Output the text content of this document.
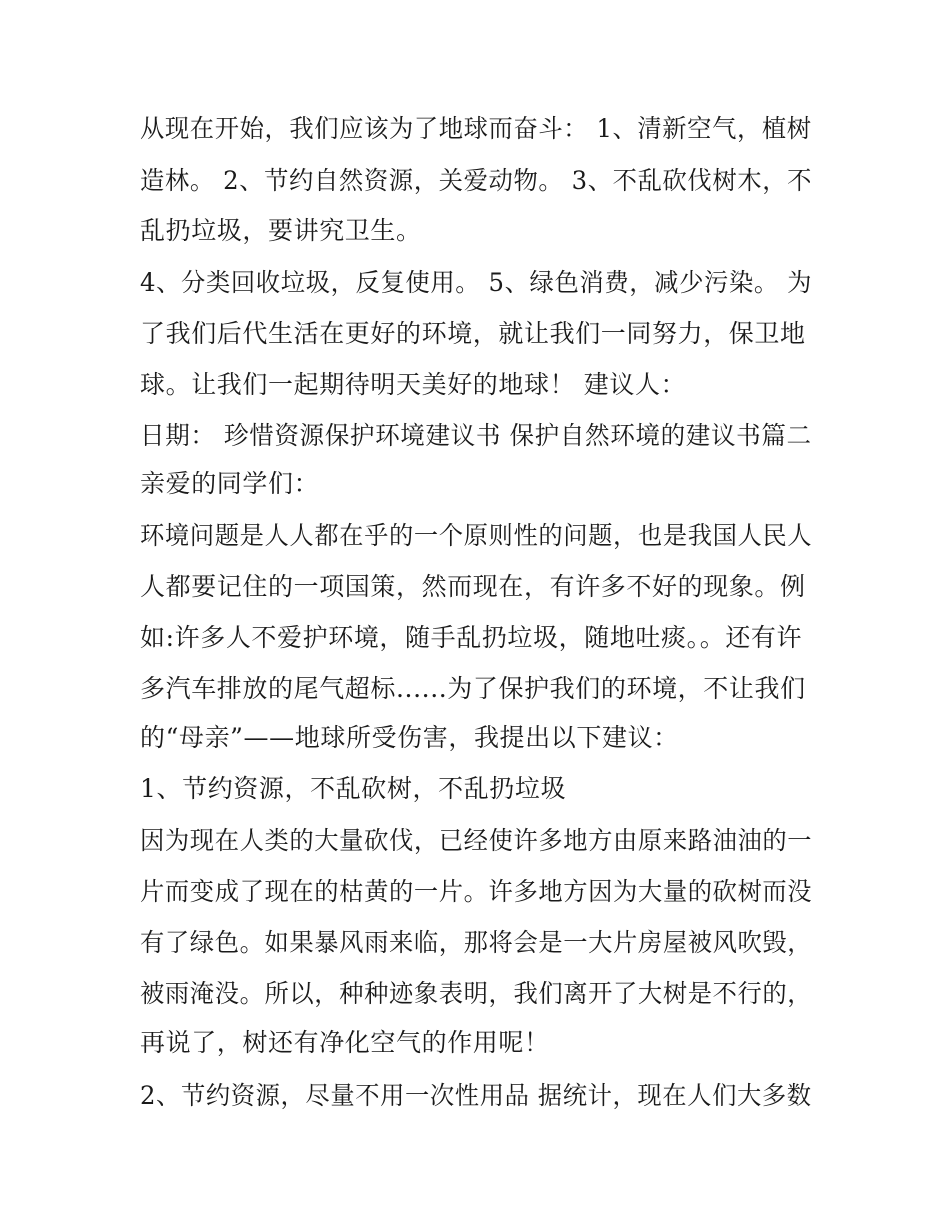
从现在开始，我们应该为了地球而奋斗： 1、清新空气，植树
造林。 2、节约自然资源，关爱动物。 3、不乱砍伐树木，不
乱扔垃圾，要讲究卫生。
4、分类回收垃圾，反复使用。 5、绿色消费，减少污染。 为
了我们后代生活在更好的环境，就让我们一同努力，保卫地
球。让我们一起期待明天美好的地球！ 建议人：
日期： 珍惜资源保护环境建议书 保护自然环境的建议书篇二
亲爱的同学们：
环境问题是人人都在乎的一个原则性的问题，也是我国人民人
人都要记住的一项国策，然而现在，有许多不好的现象。例
如:许多人不爱护环境，随手乱扔垃圾，随地吐痰。。还有许
多汽车排放的尾气超标......为了保护我们的环境，不让我们
的“母亲”——地球所受伤害，我提出以下建议：
1、节约资源，不乱砍树，不乱扔垃圾
因为现在人类的大量砍伐，已经使许多地方由原来路油油的一
片而变成了现在的枯黄的一片。许多地方因为大量的砍树而没
有了绿色。如果暴风雨来临，那将会是一大片房屋被风吹毁，
被雨淹没。所以，种种迹象表明，我们离开了大树是不行的，
再说了，树还有净化空气的作用呢！
2、节约资源，尽量不用一次性用品 据统计，现在人们大多数
